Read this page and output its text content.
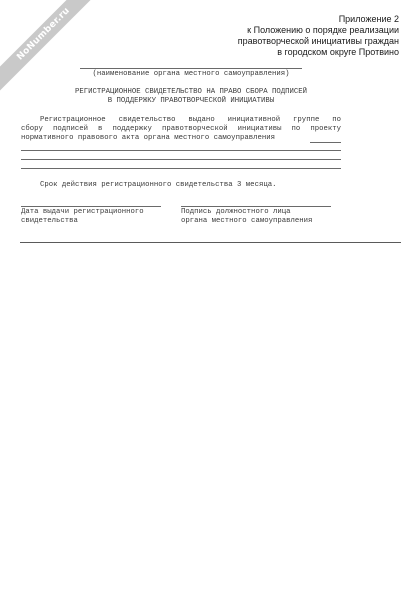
NoNumber.ru	Приложение 2
к Положению о порядке реализации
правотворческой инициативы граждан
в городском округе Протвино
(наименование органа местного самоуправления)
РЕГИСТРАЦИОННОЕ СВИДЕТЕЛЬСТВО НА ПРАВО СБОРА ПОДПИСЕЙ
В ПОДДЕРЖКУ ПРАВОТВОРЧЕСКОЙ ИНИЦИАТИВЫ
Регистрационное свидетельство выдано инициативной группе по
сбору подписей в поддержку правотворческой инициативы по проекту
нормативного правового акта органа местного самоуправления
Срок действия регистрационного свидетельства 3 месяца.
Дата выдачи регистрационного
свидетельства
Подпись должностного лица
органа местного самоуправления
